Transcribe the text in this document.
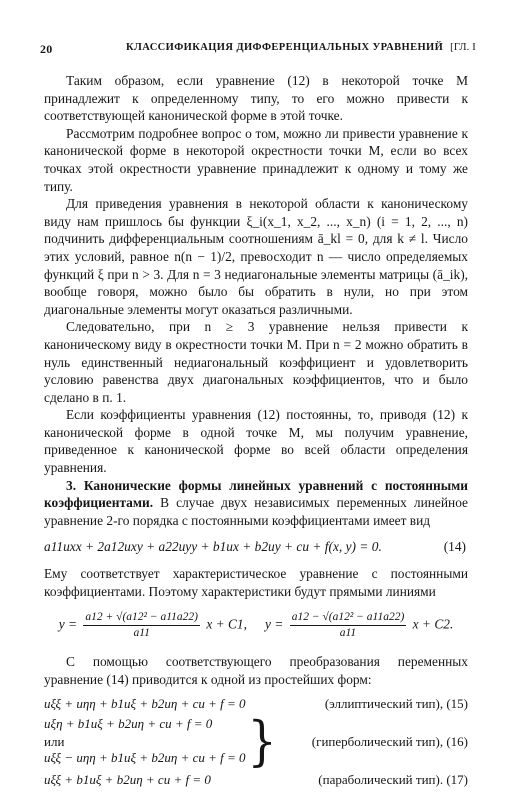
20	КЛАССИФИКАЦИЯ ДИФФЕРЕНЦИАЛЬНЫХ УРАВНЕНИЙ [ГЛ. I

Таким образом, если уравнение (12) в некоторой точке M принадлежит к определенному типу, то его можно привести к соответствующей канонической форме в этой точке.

Рассмотрим подробнее вопрос о том, можно ли привести уравнение к канонической форме в некоторой окрестности точки M, если во всех точках этой окрестности уравнение принадлежит к одному и тому же типу.

Для приведения уравнения в некоторой области к каноническому виду нам пришлось бы функции ξ_i(x_1, x_2, ..., x_n) (i = 1, 2, ..., n) подчинить дифференциальным соотношениям ā_kl = 0, для k ≠ l. Число этих условий, равное n(n − 1)/2, превосходит n — число определяемых функций ξ при n > 3. Для n = 3 недиагональные элементы матрицы (ā_ik), вообще говоря, можно было бы обратить в нули, но при этом диагональные элементы могут оказаться различными.

Следовательно, при n ≥ 3 уравнение нельзя привести к каноническому виду в окрестности точки M. При n = 2 можно обратить в нуль единственный недиагональный коэффициент и удовлетворить условию равенства двух диагональных коэффициентов, что и было сделано в п. 1.

Если коэффициенты уравнения (12) постоянны, то, приводя (12) к канонической форме в одной точке M, мы получим уравнение, приведенное к канонической форме во всей области определения уравнения.

3. Канонические формы линейных уравнений с постоянными коэффициентами. В случае двух независимых переменных линейное уравнение 2-го порядка с постоянными коэффициентами имеет вид

a11uxx + 2a12uxy + a22uyy + b1ux + b2uy + cu + f(x, y) = 0.	(14)

Ему соответствует характеристическое уравнение с постоянными коэффициентами. Поэтому характеристики будут прямыми линиями

$y = \frac{\text{a12 + √(a12² − a11a22)}}{a11}$ x + C1, $y = \frac{\text{a12 − √(a12² − a11a22)}}{a11}$ x + C2.

С помощью соответствующего преобразования переменных уравнение (14) приводится к одной из простейших форм:

uξξ + uηη + b1uξ + b2uη + cu + f = 0	(эллиптический тип), (15)
uξη + b1uξ + b2uη + cu + f = 0
или
uξξ − uηη + b1uξ + b2uη + cu + f = 0 }	(гиперболический тип), (16)
uξξ + b1uξ + b2uη + cu + f = 0	(параболический тип). (17)
